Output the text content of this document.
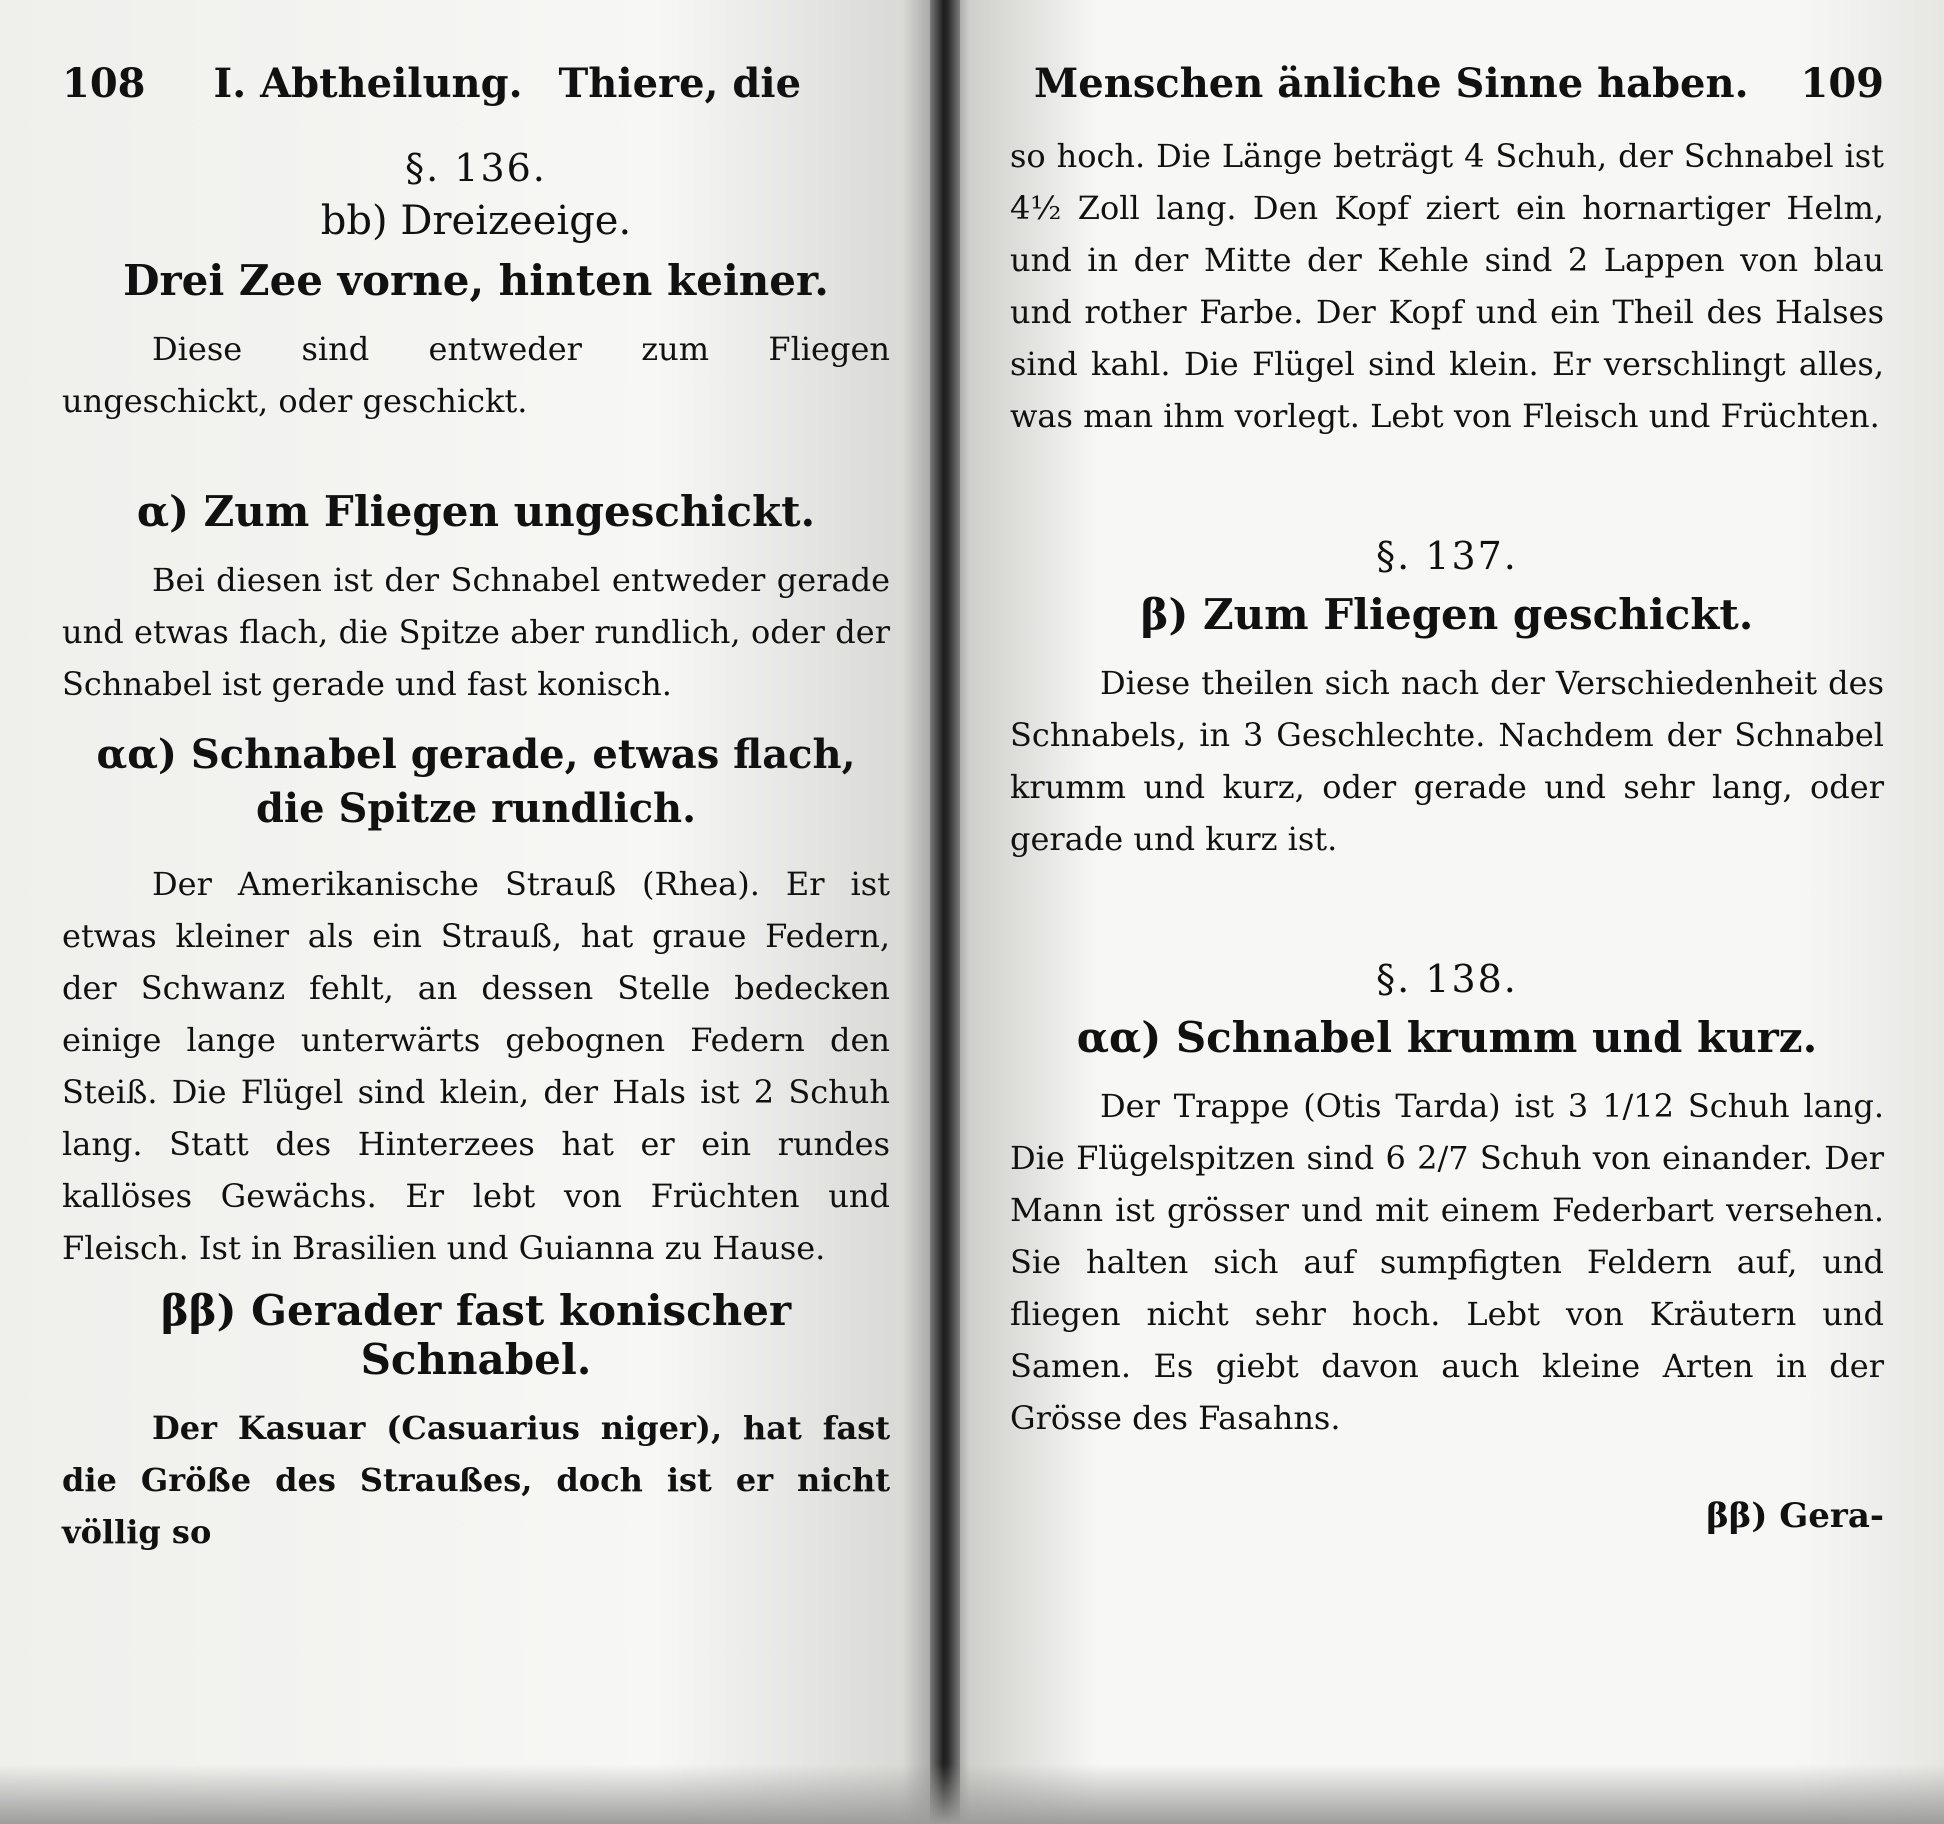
108 I. Abtheilung. Thiere, die
§. 136.
bb) Dreizeeige.
Drei Zee vorne, hinten keiner.

Diese sind entweder zum Fliegen ungeschickt, oder geschickt.

α) Zum Fliegen ungeschickt.

Bei diesen ist der Schnabel entweder gerade und etwas flach, die Spitze aber rundlich, oder der Schnabel ist gerade und fast konisch.

αα) Schnabel gerade, etwas flach, die Spitze rundlich.

Der Amerikanische Strauß (Rhea). Er ist etwas kleiner als ein Strauß, hat graue Federn, der Schwanz fehlt, an dessen Stelle bedecken einige lange unterwärts gebognen Federn den Steiß. Die Flügel sind klein, der Hals ist 2 Schuh lang. Statt des Hinterzees hat er ein rundes kallöses Gewächs. Er lebt von Früchten und Fleisch. Ist in Brasilien und Guianna zu Hause.

ββ) Gerader fast konischer Schnabel.

Der Kasuar (Casuarius niger), hat fast die Größe des Straußes, doch ist er nicht völlig so

Menschen änliche Sinne haben. 109

so hoch. Die Länge beträgt 4 Schuh, der Schnabel ist 4½ Zoll lang. Den Kopf ziert ein hornartiger Helm, und in der Mitte der Kehle sind 2 Lappen von blau und rother Farbe. Der Kopf und ein Theil des Halses sind kahl. Die Flügel sind klein. Er verschlingt alles, was man ihm vorlegt. Lebt von Fleisch und Früchten.

§. 137.
β) Zum Fliegen geschickt.

Diese theilen sich nach der Verschiedenheit des Schnabels, in 3 Geschlechte. Nachdem der Schnabel krumm und kurz, oder gerade und sehr lang, oder gerade und kurz ist.

§. 138.
αα) Schnabel krumm und kurz.

Der Trappe (Otis Tarda) ist 3 1/12 Schuh lang. Die Flügelspitzen sind 6 2/7 Schuh von einander. Der Mann ist grösser und mit einem Federbart versehen. Sie halten sich auf sumpfigten Feldern auf, und fliegen nicht sehr hoch. Lebt von Kräutern und Samen. Es giebt davon auch kleine Arten in der Grösse des Fasahns.

ββ) Gera-
